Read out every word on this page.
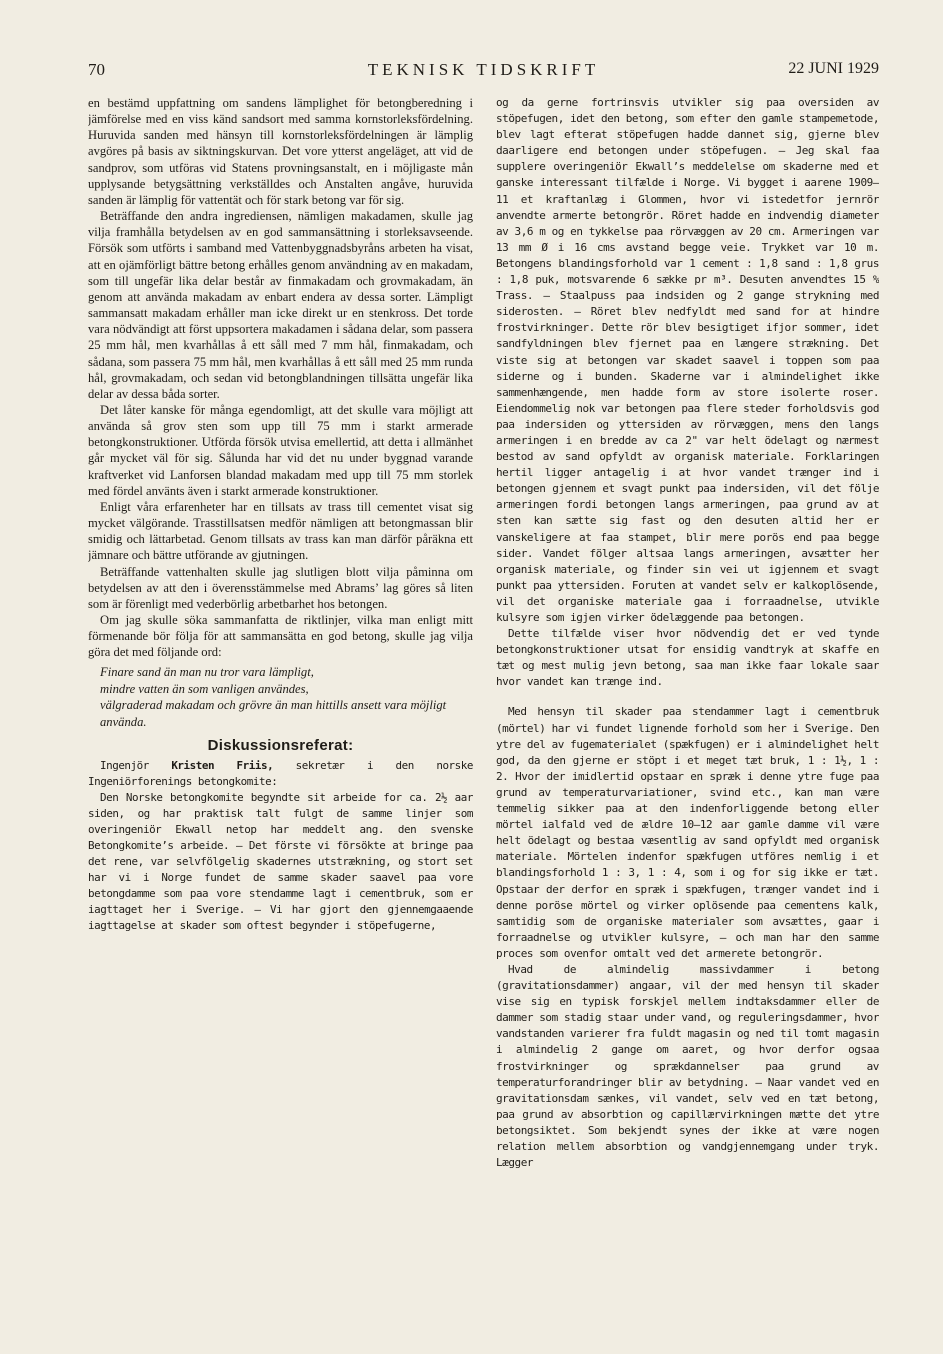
70	TEKNISK TIDSKRIFT	22 JUNI 1929

en bestämd uppfattning om sandens lämplighet för betongberedning i jämförelse med en viss känd sandsort med samma kornstorleksfördelning. Huruvida sanden med hänsyn till kornstorleksfördelningen är lämplig avgöres på basis av siktningskurvan. Det vore ytterst angeläget, att vid de sandprov, som utföras vid Statens provningsanstalt, en i möjligaste mån upplysande betygsättning verkställdes och Anstalten angåve, huruvida sanden är lämplig för vattentät och för stark betong var för sig.

Beträffande den andra ingrediensen, nämligen makadamen, skulle jag vilja framhålla betydelsen av en god sammansättning i storleksavseende. Försök som utförts i samband med Vattenbyggnadsbyråns arbeten ha visat, att en ojämförligt bättre betong erhålles genom användning av en makadam, som till ungefär lika delar består av finmakadam och grovmakadam, än genom att använda makadam av enbart endera av dessa sorter. Lämpligt sammansatt makadam erhåller man icke direkt ur en stenkross. Det torde vara nödvändigt att först uppsortera makadamen i sådana delar, som passera 25 mm hål, men kvarhållas å ett såll med 7 mm hål, finmakadam, och sådana, som passera 75 mm hål, men kvarhållas å ett såll med 25 mm runda hål, grovmakadam, och sedan vid betongblandningen tillsätta ungefär lika delar av dessa båda sorter.

Det låter kanske för många egendomligt, att det skulle vara möjligt att använda så grov sten som upp till 75 mm i starkt armerade betongkonstruktioner. Utförda försök utvisa emellertid, att detta i allmänhet går mycket väl för sig. Sålunda har vid det nu under byggnad varande kraftverket vid Lanforsen blandad makadam med upp till 75 mm storlek med fördel använts även i starkt armerade konstruktioner.

Enligt våra erfarenheter har en tillsats av trass till cementet visat sig mycket välgörande. Trasstillsatsen medför nämligen att betongmassan blir smidig och lättarbetad. Genom tillsats av trass kan man därför påräkna ett jämnare och bättre utförande av gjutningen.

Beträffande vattenhalten skulle jag slutligen blott vilja påminna om betydelsen av att den i överensstämmelse med Abrams’ lag göres så liten som är förenligt med vederbörlig arbetbarhet hos betongen.

Om jag skulle söka sammanfatta de riktlinjer, vilka man enligt mitt förmenande bör följa för att sammansätta en god betong, skulle jag vilja göra det med följande ord:

Finare sand än man nu tror vara lämpligt,
mindre vatten än som vanligen användes,
välgraderad makadam och grövre än man hittills ansett vara möjligt använda.
Diskussionsreferat:

Ingenjör Kristen Friis, sekretær i den norske Ingeniörforenings betongkomite:

Den Norske betongkomite begyndte sit arbeide for ca. 2½ aar siden, og har praktisk talt fulgt de samme linjer som overingeniör Ekwall netop har meddelt ang. den svenske Betongkomite’s arbeide. — Det förste vi försökte at bringe paa det rene, var selvfölgelig skadernes utstrækning, og stort set har vi i Norge fundet de samme skader saavel paa vore betongdamme som paa vore stendamme lagt i cementbruk, som er iagttaget her i Sverige. — Vi har gjort den gjennemgaaende iagttagelse at skader som oftest begynder i stöpefugerne,

og da gerne fortrinsvis utvikler sig paa oversiden av stöpefugen, idet den betong, som efter den gamle stampemetode, blev lagt efterat stöpefugen hadde dannet sig, gjerne blev daarligere end betongen under stöpefugen. — Jeg skal faa supplere overingeniör Ekwall’s meddelelse om skaderne med et ganske interessant tilfælde i Norge. Vi bygget i aarene 1909—11 et kraftanlæg i Glommen, hvor vi istedetfor jernrör anvendte armerte betongrör. Röret hadde en indvendig diameter av 3,6 m og en tykkelse paa rörvæggen av 20 cm. Armeringen var 13 mm Ø i 16 cms avstand begge veie. Trykket var 10 m. Betongens blandingsforhold var 1 cement : 1,8 sand : 1,8 grus : 1,8 puk, motsvarende 6 sække pr m³. Desuten anvendtes 15 % Trass. — Staalpuss paa indsiden og 2 gange strykning med siderosten. — Röret blev nedfyldt med sand for at hindre frostvirkninger. Dette rör blev besigtiget ifjor sommer, idet sandfyldningen blev fjernet paa en længere strækning. Det viste sig at betongen var skadet saavel i toppen som paa siderne og i bunden. Skaderne var i almindelighet ikke sammenhængende, men hadde form av store isolerte roser. Eiendommelig nok var betongen paa flere steder forholdsvis god paa indersiden og yttersiden av rörvæggen, mens den langs armeringen i en bredde av ca 2" var helt ödelagt og nærmest bestod av sand opfyldt av organisk materiale. Forklaringen hertil ligger antagelig i at hvor vandet trænger ind i betongen gjennem et svagt punkt paa indersiden, vil det följe armeringen fordi betongen langs armeringen, paa grund av at sten kan sætte sig fast og den desuten altid her er vanskeligere at faa stampet, blir mere porös end paa begge sider. Vandet fölger altsaa langs armeringen, avsætter her organisk materiale, og finder sin vei ut igjennem et svagt punkt paa yttersiden. Foruten at vandet selv er kalkoplösende, vil det organiske materiale gaa i forraadnelse, utvikle kulsyre som igjen virker ödelæggende paa betongen.

Dette tilfælde viser hvor nödvendig det er ved tynde betongkonstruktioner utsat for ensidig vandtryk at skaffe en tæt og mest mulig jevn betong, saa man ikke faar lokale saar hvor vandet kan trænge ind.

Med hensyn til skader paa stendammer lagt i cementbruk (mörtel) har vi fundet lignende forhold som her i Sverige. Den ytre del av fugematerialet (spækfugen) er i almindelighet helt god, da den gjerne er stöpt i et meget tæt bruk, 1 : 1½, 1 : 2. Hvor der imidlertid opstaar en spræk i denne ytre fuge paa grund av temperaturvariationer, svind etc., kan man være temmelig sikker paa at den indenforliggende betong eller mörtel ialfald ved de ældre 10—12 aar gamle damme vil være helt ödelagt og bestaa væsentlig av sand opfyldt med organisk materiale. Mörtelen indenfor spækfugen utföres nemlig i et blandingsforhold 1 : 3, 1 : 4, som i og for sig ikke er tæt. Opstaar der derfor en spræk i spækfugen, trænger vandet ind i denne poröse mörtel og virker oplösende paa cementens kalk, samtidig som de organiske materialer som avsættes, gaar i forraadnelse og utvikler kulsyre, — och man har den samme proces som ovenfor omtalt ved det armerete betongrör.

Hvad de almindelig massivdammer i betong (gravitationsdammer) angaar, vil der med hensyn til skader vise sig en typisk forskjel mellem indtaksdammer eller de dammer som stadig staar under vand, og reguleringsdammer, hvor vandstanden varierer fra fuldt magasin og ned til tomt magasin i almindelig 2 gange om aaret, og hvor derfor ogsaa frostvirkninger og sprækdannelser paa grund av temperaturforandringer blir av betydning. — Naar vandet ved en gravitationsdam sænkes, vil vandet, selv ved en tæt betong, paa grund av absorbtion og capillærvirkningen mætte det ytre betongsiktet. Som bekjendt synes der ikke at være nogen relation mellem absorbtion og vandgjennemgang under tryk. Lægger
